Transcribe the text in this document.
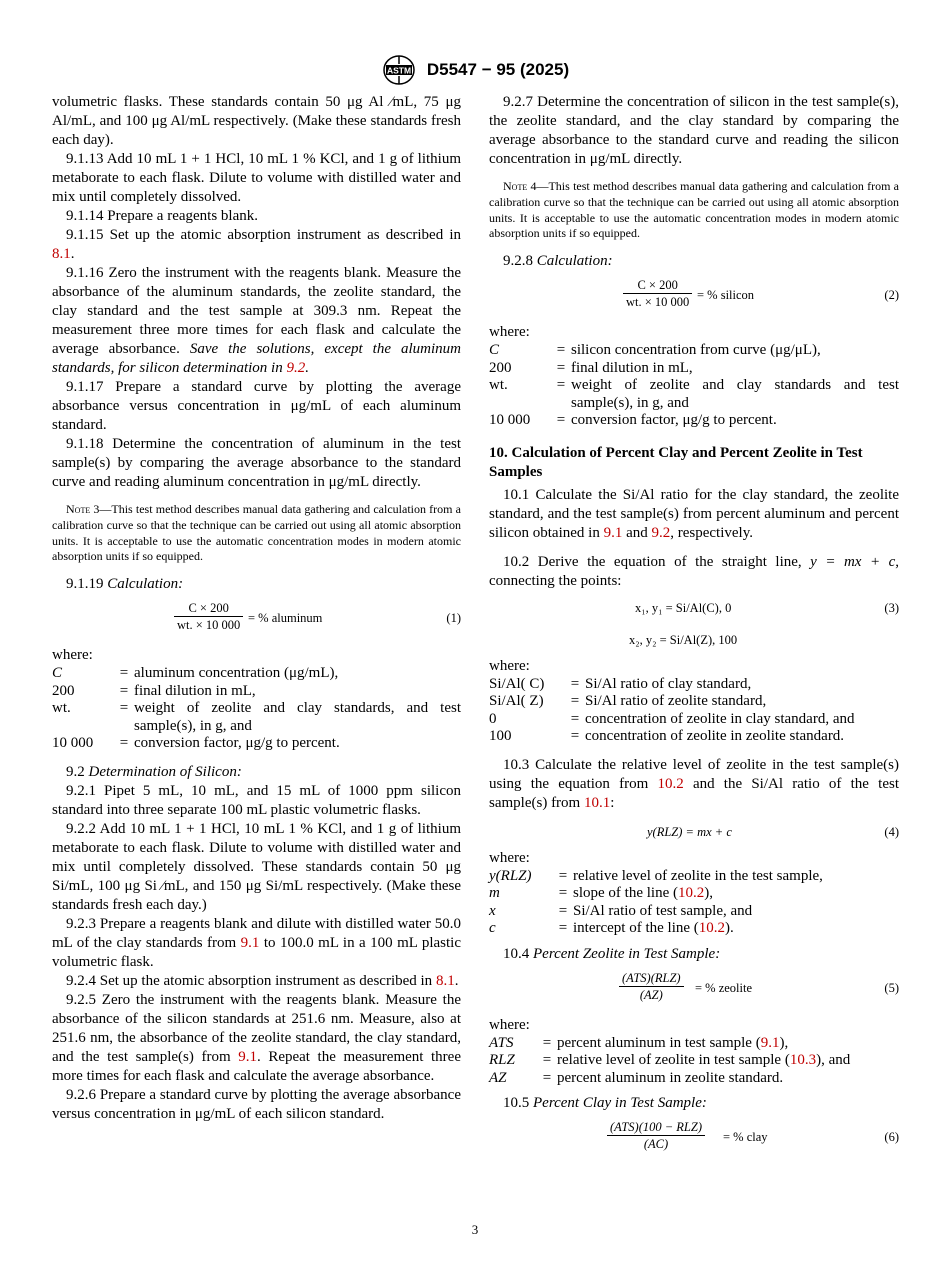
ASTM D5547 − 95 (2025)

volumetric flasks. These standards contain 50 μg Al ⁄mL, 75 μg Al/mL, and 100 μg Al/mL respectively. (Make these standards fresh each day).

9.1.13 Add 10 mL 1 + 1 HCl, 10 mL 1 % KCl, and 1 g of lithium metaborate to each flask. Dilute to volume with distilled water and mix until completely dissolved.

9.1.14 Prepare a reagents blank.

9.1.15 Set up the atomic absorption instrument as described in 8.1.

9.1.16 Zero the instrument with the reagents blank. Measure the absorbance of the aluminum standards, the zeolite standard, the clay standard and the test sample at 309.3 nm. Repeat the measurement three more times for each flask and calculate the average absorbance. Save the solutions, except the aluminum standards, for silicon determination in 9.2.

9.1.17 Prepare a standard curve by plotting the average absorbance versus concentration in μg/mL of each aluminum standard.

9.1.18 Determine the concentration of aluminum in the test sample(s) by comparing the average absorbance to the standard curve and reading aluminum concentration in μg/mL directly.

Note 3—This test method describes manual data gathering and calculation from a calibration curve so that the technique can be carried out using all atomic absorption units. It is acceptable to use the automatic concentration modes in modern atomic absorption units if so equipped.

9.1.19 Calculation:

$\frac{C \times 200}{wt. \times 10 000}$ = % aluminum	(1)

where:

C	=	aluminum concentration (μg/mL),
200	=	final dilution in mL,
wt.	=	weight of zeolite and clay standards, and test sample(s), in g, and
10 000	=	conversion factor, μg/g to percent.

9.2 Determination of Silicon:

9.2.1 Pipet 5 mL, 10 mL, and 15 mL of 1000 ppm silicon standard into three separate 100 mL plastic volumetric flasks.

9.2.2 Add 10 mL 1 + 1 HCl, 10 mL 1 % KCl, and 1 g of lithium metaborate to each flask. Dilute to volume with distilled water and mix until completely dissolved. These standards contain 50 μg Si/mL, 100 μg Si ⁄mL, and 150 μg Si/mL respectively. (Make these standards fresh each day.)

9.2.3 Prepare a reagents blank and dilute with distilled water 50.0 mL of the clay standards from 9.1 to 100.0 mL in a 100 mL plastic volumetric flask.

9.2.4 Set up the atomic absorption instrument as described in 8.1.

9.2.5 Zero the instrument with the reagents blank. Measure the absorbance of the silicon standards at 251.6 nm. Measure, also at 251.6 nm, the absorbance of the zeolite standard, the clay standard, and the test sample(s) from 9.1. Repeat the measurement three more times for each flask and calculate the average absorbance.

9.2.6 Prepare a standard curve by plotting the average absorbance versus concentration in μg/mL of each silicon standard.

9.2.7 Determine the concentration of silicon in the test sample(s), the zeolite standard, and the clay standard by comparing the average absorbance to the standard curve and reading the silicon concentration in μg/mL directly.

Note 4—This test method describes manual data gathering and calculation from a calibration curve so that the technique can be carried out using all atomic absorption units. It is acceptable to use the automatic concentration modes in modern atomic absorption units if so equipped.

9.2.8 Calculation:

$\frac{C \times 200}{wt. \times 10 000}$ = % silicon	(2)

where:

C	=	silicon concentration from curve (μg/μL),
200	=	final dilution in mL,
wt.	=	weight of zeolite and clay standards and test sample(s), in g, and
10 000	=	conversion factor, μg/g to percent.
10. Calculation of Percent Clay and Percent Zeolite in Test Samples

10.1 Calculate the Si/Al ratio for the clay standard, the zeolite standard, and the test sample(s) from percent aluminum and percent silicon obtained in 9.1 and 9.2, respectively.

10.2 Derive the equation of the straight line, y = mx + c, connecting the points:

x₁, y₁ = Si/Al(C), 0	(3)
x₂, y₂ = Si/Al(Z), 100

where:

Si/Al( C)	=	Si/Al ratio of clay standard,
Si/Al( Z)	=	Si/Al ratio of zeolite standard,
0	=	concentration of zeolite in clay standard, and
100	=	concentration of zeolite in zeolite standard.

10.3 Calculate the relative level of zeolite in the test sample(s) using the equation from 10.2 and the Si/Al ratio of the test sample(s) from 10.1:

y(RLZ) = mx + c	(4)

where:

y(RLZ)	=	relative level of zeolite in the test sample,
m	=	slope of the line (10.2),
x	=	Si/Al ratio of test sample, and
c	=	intercept of the line (10.2).

10.4 Percent Zeolite in Test Sample:

(ATS)(RLZ)
(AZ)	= % zeolite	(5)

where:

ATS	=	percent aluminum in test sample (9.1),
RLZ	=	relative level of zeolite in test sample (10.3), and
AZ	=	percent aluminum in zeolite standard.

10.5 Percent Clay in Test Sample:

(ATS)(100 − RLZ)
(AC)	= % clay	(6)
3
